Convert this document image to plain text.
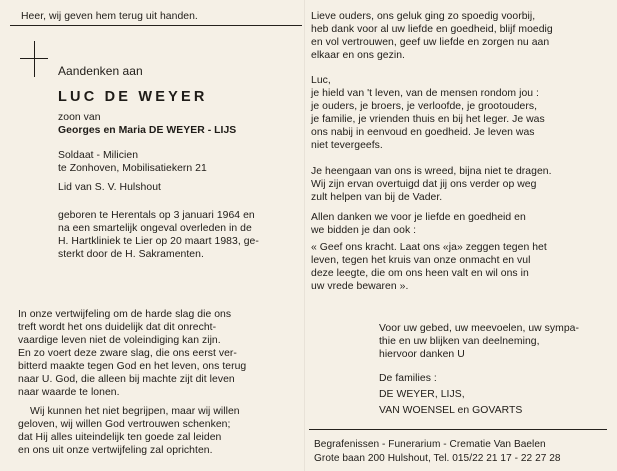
Heer, wij geven hem terug uit handen.
Aandenken aan
LUC DE WEYER
zoon van
Georges en Maria DE WEYER - LIJS
Soldaat - Milicien
te Zonhoven, Mobilisatiekern 21
Lid van S. V. Hulshout
geboren te Herentals op 3 januari 1964 en
na een smartelijk ongeval overleden in de
H. Hartkliniek te Lier op 20 maart 1983, ge-
sterkt door de H. Sakramenten.
In onze vertwijfeling om de harde slag die ons
treft wordt het ons duidelijk dat dit onrecht-
vaardige leven niet de voleindiging kan zijn.
En zo voert deze zware slag, die ons eerst ver-
bitterd maakte tegen God en het leven, ons terug
naar U. God, die alleen bij machte zijt dit leven
naar waarde te lonen.
Wij kunnen het niet begrijpen, maar wij willen
geloven, wij willen God vertrouwen schenken;
dat Hij alles uiteindelijk ten goede zal leiden
en ons uit onze vertwijfeling zal oprichten.
Lieve ouders, ons geluk ging zo spoedig voorbij,
heb dank voor al uw liefde en goedheid, blijf moedig
en vol vertrouwen, geef uw liefde en zorgen nu aan
elkaar en ons gezin.
Luc,
je hield van 't leven, van de mensen rondom jou :
je ouders, je broers, je verloofde, je grootouders,
je familie, je vrienden thuis en bij het leger. Je was
ons nabij in eenvoud en goedheid. Je leven was
niet tevergeefs.
Je heengaan van ons is wreed, bijna niet te dragen.
Wij zijn ervan overtuigd dat jij ons verder op weg
zult helpen van bij de Vader.
Allen danken we voor je liefde en goedheid en
we bidden je dan ook :
« Geef ons kracht. Laat ons «ja» zeggen tegen het
leven, tegen het kruis van onze onmacht en vul
deze leegte, die om ons heen valt en wil ons in
uw vrede bewaren ».
Voor uw gebed, uw meevoelen, uw sympa-
thie en uw blijken van deelneming,
hiervoor danken U
De families :
DE WEYER, LIJS,
VAN WOENSEL en GOVARTS
Begrafenissen - Funerarium - Crematie Van Baelen
Grote baan 200 Hulshout, Tel. 015/22 21 17 - 22 27 28
